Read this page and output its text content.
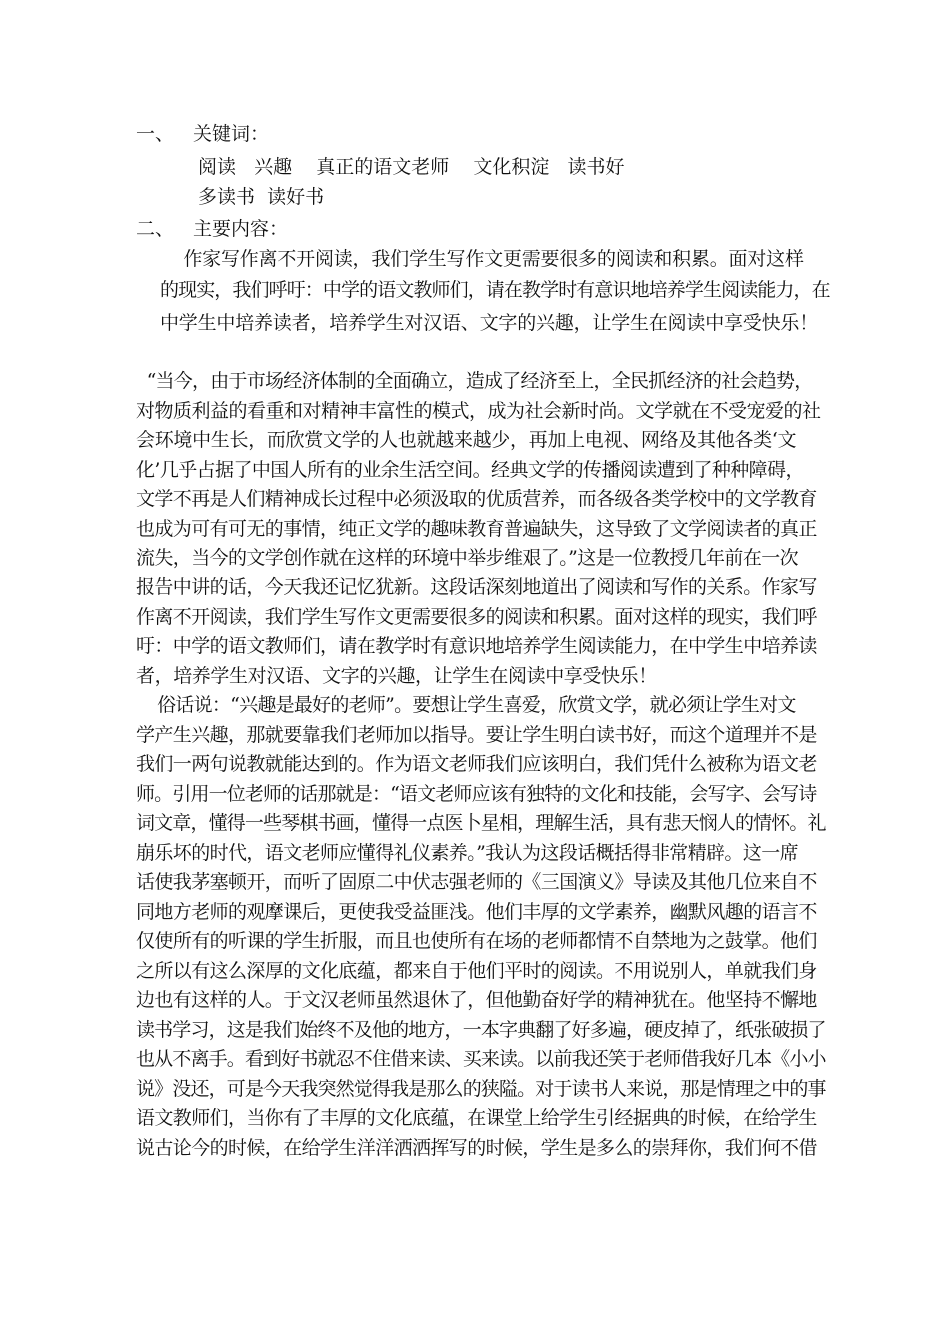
一、 关键词：
阅读   兴趣    真正的语文老师    文化积淀   读书好
多读书  读好书
二、 主要内容：
作家写作离不开阅读，我们学生写作文更需要很多的阅读和积累。面对这样
的现实，我们呼吁：中学的语文教师们，请在教学时有意识地培养学生阅读能力，在
中学生中培养读者，培养学生对汉语、文字的兴趣，让学生在阅读中享受快乐！
“当今，由于市场经济体制的全面确立，造成了经济至上，全民抓经济的社会趋势，
对物质利益的看重和对精神丰富性的模式，成为社会新时尚。文学就在不受宠爱的社
会环境中生长，而欣赏文学的人也就越来越少，再加上电视、网络及其他各类‘文
化’几乎占据了中国人所有的业余生活空间。经典文学的传播阅读遭到了种种障碍，
文学不再是人们精神成长过程中必须汲取的优质营养，而各级各类学校中的文学教育
也成为可有可无的事情，纯正文学的趣味教育普遍缺失，这导致了文学阅读者的真正
流失，当今的文学创作就在这样的环境中举步维艰了。”这是一位教授几年前在一次
报告中讲的话，今天我还记忆犹新。这段话深刻地道出了阅读和写作的关系。作家写
作离不开阅读，我们学生写作文更需要很多的阅读和积累。面对这样的现实，我们呼
吁：中学的语文教师们，请在教学时有意识地培养学生阅读能力，在中学生中培养读
者，培养学生对汉语、文字的兴趣，让学生在阅读中享受快乐！
俗话说：“兴趣是最好的老师”。要想让学生喜爱，欣赏文学，就必须让学生对文
学产生兴趣，那就要靠我们老师加以指导。要让学生明白读书好，而这个道理并不是
我们一两句说教就能达到的。作为语文老师我们应该明白，我们凭什么被称为语文老
师。引用一位老师的话那就是：“语文老师应该有独特的文化和技能，会写字、会写诗
词文章，懂得一些琴棋书画，懂得一点医卜星相，理解生活，具有悲天悯人的情怀。礼
崩乐坏的时代，语文老师应懂得礼仪素养。”我认为这段话概括得非常精辟。这一席
话使我茅塞顿开，而听了固原二中伏志强老师的《三国演义》导读及其他几位来自不
同地方老师的观摩课后，更使我受益匪浅。他们丰厚的文学素养，幽默风趣的语言不
仅使所有的听课的学生折服，而且也使所有在场的老师都情不自禁地为之鼓掌。他们
之所以有这么深厚的文化底蕴，都来自于他们平时的阅读。不用说别人，单就我们身
边也有这样的人。于文汉老师虽然退休了，但他勤奋好学的精神犹在。他坚持不懈地
读书学习，这是我们始终不及他的地方，一本字典翻了好多遍，硬皮掉了，纸张破损了
也从不离手。看到好书就忍不住借来读、买来读。以前我还笑于老师借我好几本《小小
说》没还，可是今天我突然觉得我是那么的狭隘。对于读书人来说，那是情理之中的事
语文教师们，当你有了丰厚的文化底蕴，在课堂上给学生引经据典的时候，在给学生
说古论今的时候，在给学生洋洋洒洒挥写的时候，学生是多么的崇拜你，我们何不借
